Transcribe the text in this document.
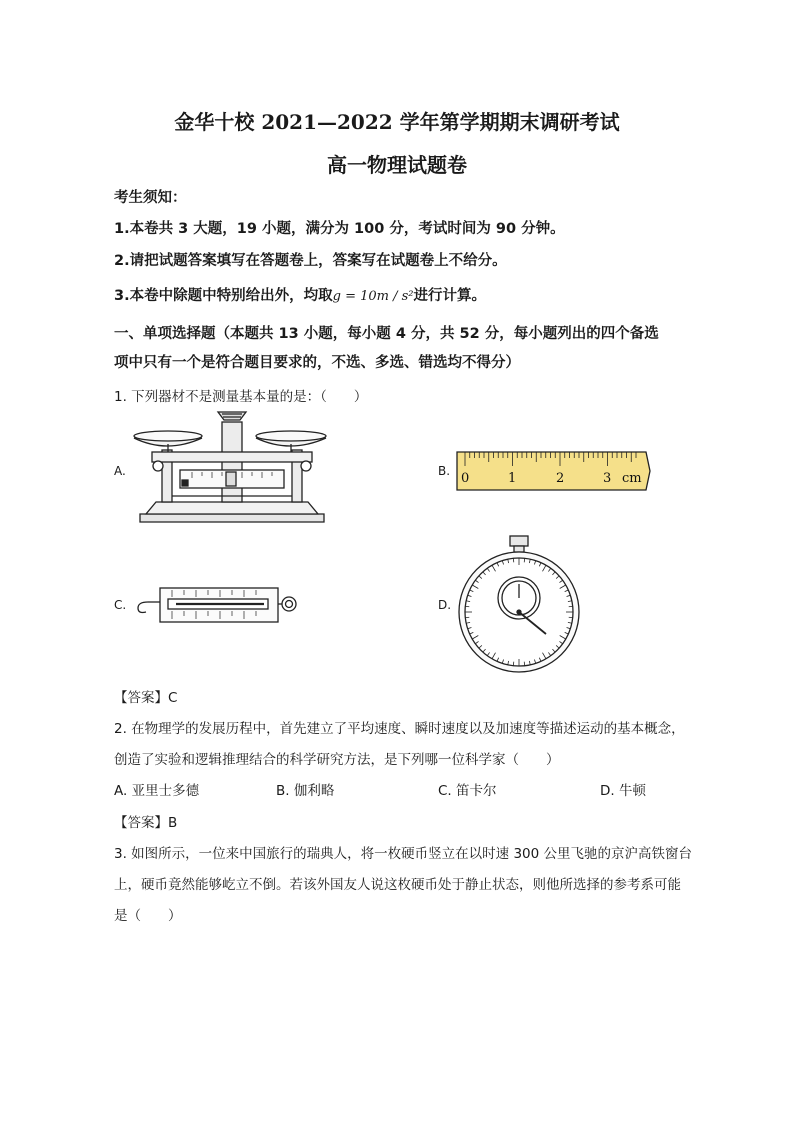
金华十校 2021—2022 学年第学期期末调研考试
高一物理试题卷
考生须知：
1.本卷共 3 大题，19 小题，满分为 100 分，考试时间为 90 分钟。
2.请把试题答案填写在答题卷上，答案写在试题卷上不给分。
3.本卷中除题中特别给出外，均取g = 10m / s²进行计算。
一、单项选择题（本题共 13 小题，每小题 4 分，共 52 分，每小题列出的四个备选
项中只有一个是符合题目要求的，不选、多选、错选均不得分）
1. 下列器材不是测量基本量的是：（　　）
A.	B.
C.	D.
0	1	2	3 cm
【答案】C
2. 在物理学的发展历程中，首先建立了平均速度、瞬时速度以及加速度等描述运动的基本概念，
创造了实验和逻辑推理结合的科学研究方法，是下列哪一位科学家（　　）
A. 亚里士多德	B. 伽利略	C. 笛卡尔	D. 牛顿
【答案】B
3. 如图所示，一位来中国旅行的瑞典人，将一枚硬币竖立在以时速 300 公里飞驰的京沪高铁窗台
上，硬币竟然能够屹立不倒。若该外国友人说这枚硬币处于静止状态，则他所选择的参考系可能
是（　　）
